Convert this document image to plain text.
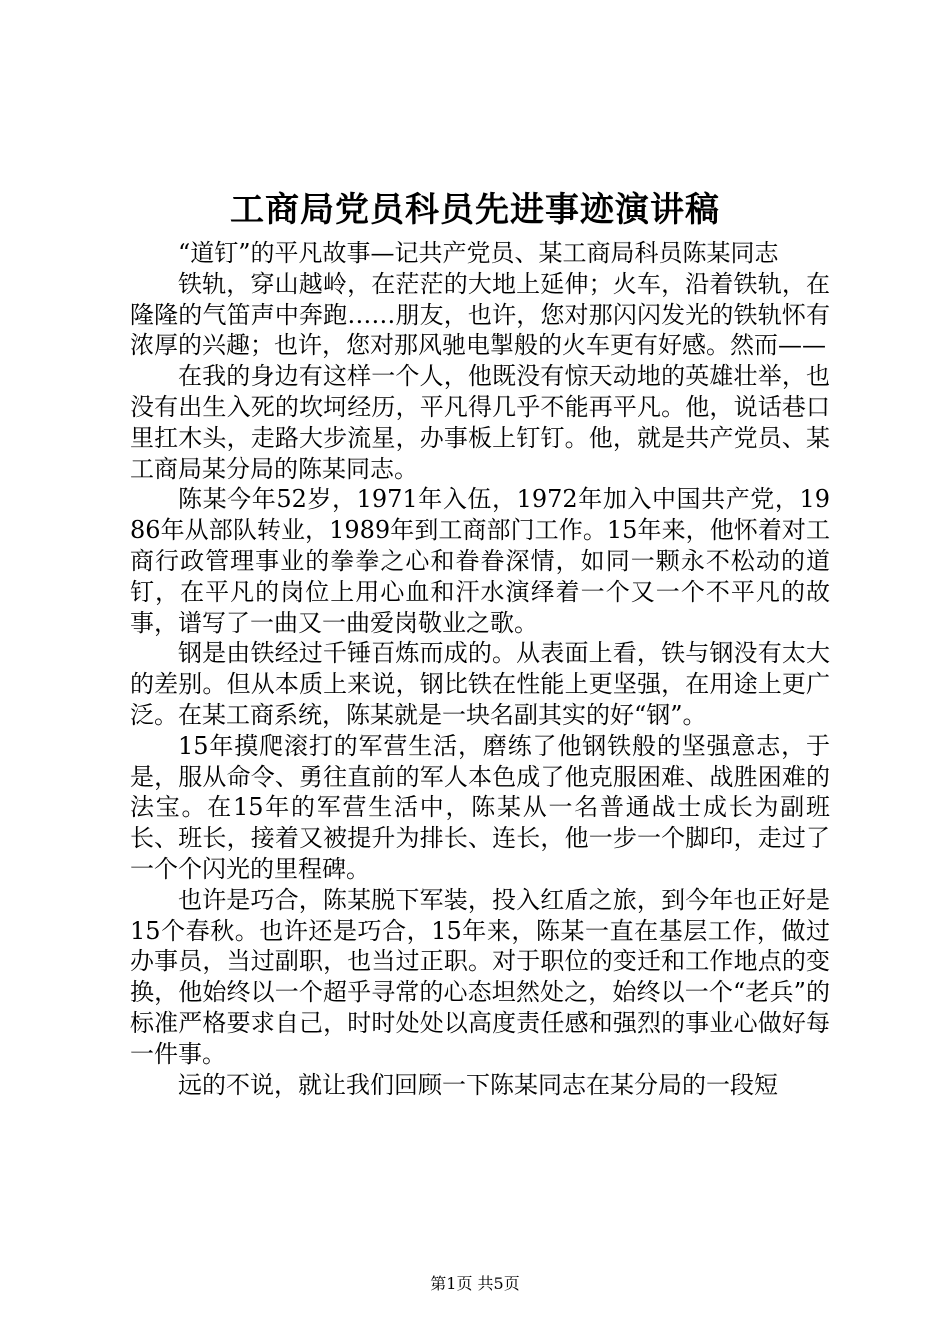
工商局党员科员先进事迹演讲稿

“道钉”的平凡故事—记共产党员、某工商局科员陈某同志

铁轨，穿山越岭，在茫茫的大地上延伸；火车，沿着铁轨，在隆隆的气笛声中奔跑……朋友，也许，您对那闪闪发光的铁轨怀有浓厚的兴趣；也许，您对那风驰电掣般的火车更有好感。然而——

在我的身边有这样一个人，他既没有惊天动地的英雄壮举，也没有出生入死的坎坷经历，平凡得几乎不能再平凡。他，说话巷口里扛木头，走路大步流星，办事板上钉钉。他，就是共产党员、某工商局某分局的陈某同志。

陈某今年52岁，1971年入伍，1972年加入中国共产党，1986年从部队转业，1989年到工商部门工作。15年来，他怀着对工商行政管理事业的拳拳之心和眷眷深情，如同一颗永不松动的道钉，在平凡的岗位上用心血和汗水演绎着一个又一个不平凡的故事，谱写了一曲又一曲爱岗敬业之歌。

钢是由铁经过千锤百炼而成的。从表面上看，铁与钢没有太大的差别。但从本质上来说，钢比铁在性能上更坚强，在用途上更广泛。在某工商系统，陈某就是一块名副其实的好“钢”。

15年摸爬滚打的军营生活，磨练了他钢铁般的坚强意志，于是，服从命令、勇往直前的军人本色成了他克服困难、战胜困难的法宝。在15年的军营生活中，陈某从一名普通战士成长为副班长、班长，接着又被提升为排长、连长，他一步一个脚印，走过了一个个闪光的里程碑。

也许是巧合，陈某脱下军装，投入红盾之旅，到今年也正好是15个春秋。也许还是巧合，15年来，陈某一直在基层工作，做过办事员，当过副职，也当过正职。对于职位的变迁和工作地点的变换，他始终以一个超乎寻常的心态坦然处之，始终以一个“老兵”的标准严格要求自己，时时处处以高度责任感和强烈的事业心做好每一件事。

远的不说，就让我们回顾一下陈某同志在某分局的一段短

第1页 共5页
